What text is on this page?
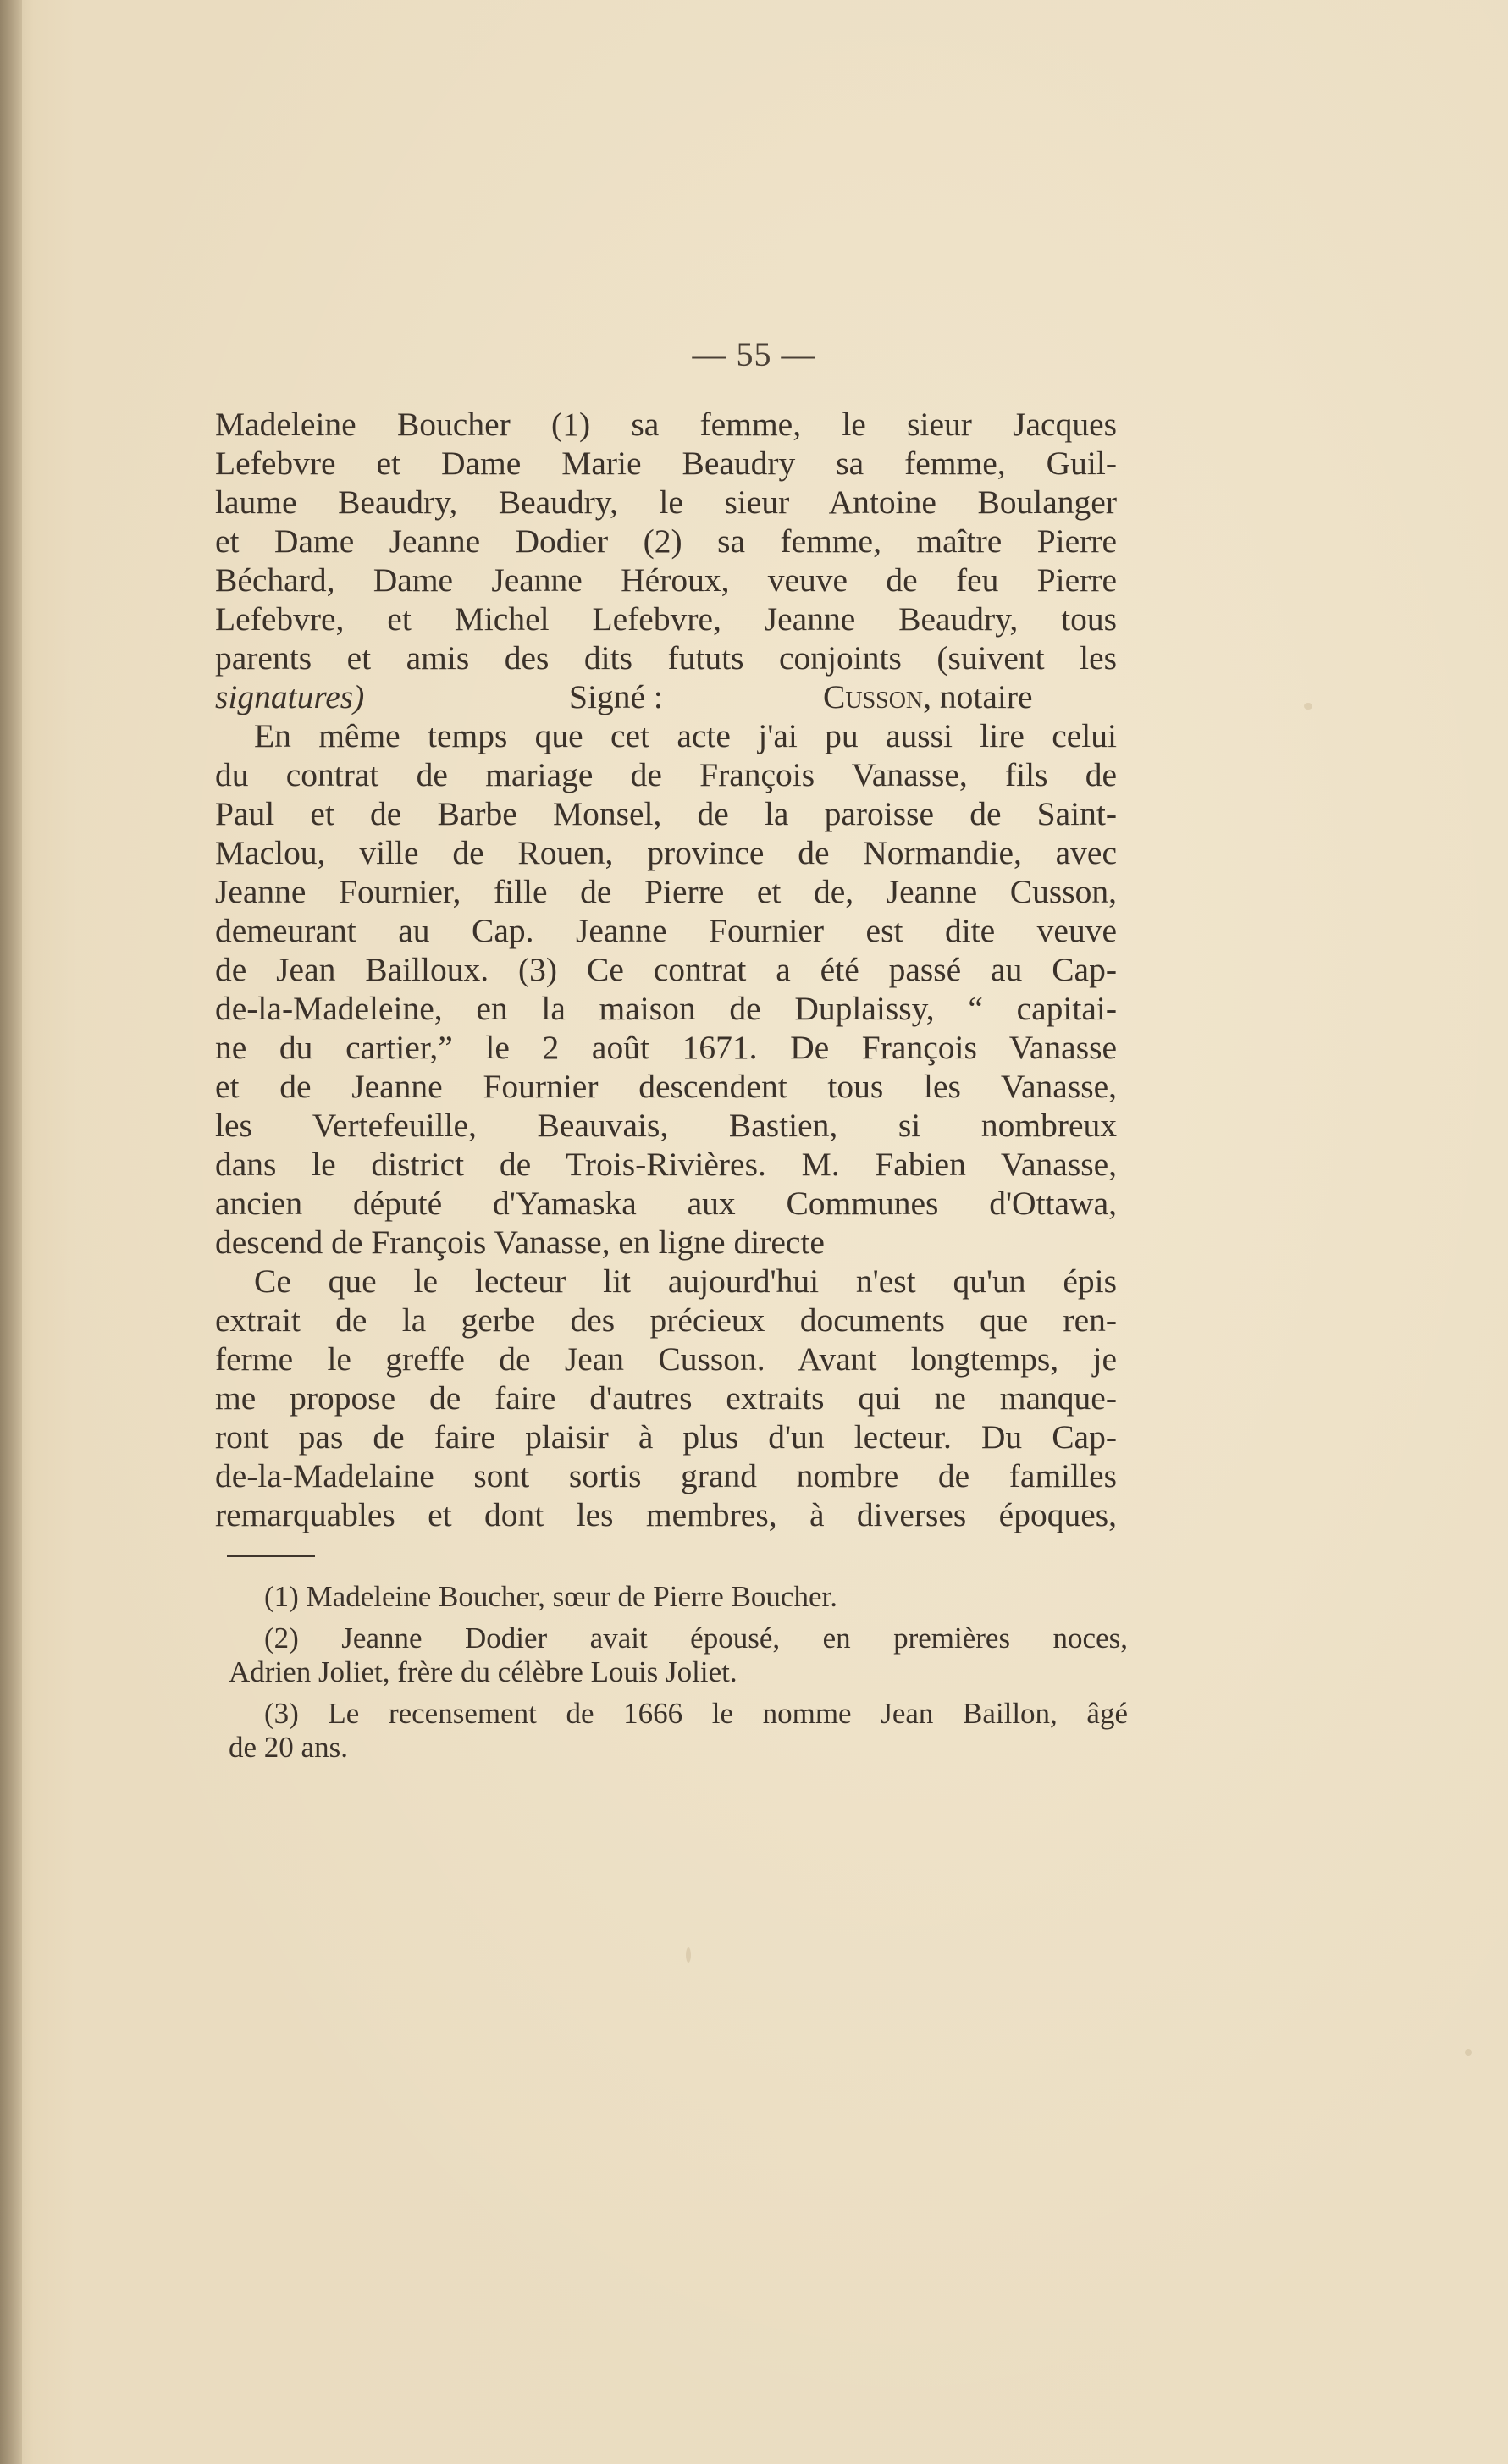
— 55 —
Madeleine Boucher (1) sa femme, le sieur Jacques
Lefebvre et Dame Marie Beaudry sa femme, Guil-
laume Beaudry, Beaudry, le sieur Antoine Boulanger
et Dame Jeanne Dodier (2) sa femme, maître Pierre
Béchard, Dame Jeanne Héroux, veuve de feu Pierre
Lefebvre, et Michel Lefebvre, Jeanne Beaudry, tous
parents et amis des dits fututs conjoints (suivent les
signatures)	Signé :	Cusson, notaire
En même temps que cet acte j'ai pu aussi lire celui
du contrat de mariage de François Vanasse, fils de
Paul et de Barbe Monsel, de la paroisse de Saint-
Maclou, ville de Rouen, province de Normandie, avec
Jeanne Fournier, fille de Pierre et de, Jeanne Cusson,
demeurant au Cap. Jeanne Fournier est dite veuve
de Jean Bailloux. (3) Ce contrat a été passé au Cap-
de-la-Madeleine, en la maison de Duplaissy, “ capitai-
ne du cartier,” le 2 août 1671. De François Vanasse
et de Jeanne Fournier descendent tous les Vanasse,
les Vertefeuille, Beauvais, Bastien, si nombreux
dans le district de Trois-Rivières. M. Fabien Vanasse,
ancien député d'Yamaska aux Communes d'Ottawa,
descend de François Vanasse, en ligne directe
Ce que le lecteur lit aujourd'hui n'est qu'un épis
extrait de la gerbe des précieux documents que ren-
ferme le greffe de Jean Cusson. Avant longtemps, je
me propose de faire d'autres extraits qui ne manque-
ront pas de faire plaisir à plus d'un lecteur. Du Cap-
de-la-Madelaine sont sortis grand nombre de familles
remarquables et dont les membres, à diverses époques,
(1) Madeleine Boucher, sœur de Pierre Boucher.
(2) Jeanne Dodier avait épousé, en premières noces,
Adrien Joliet, frère du célèbre Louis Joliet.
(3) Le recensement de 1666 le nomme Jean Baillon, âgé
de 20 ans.
